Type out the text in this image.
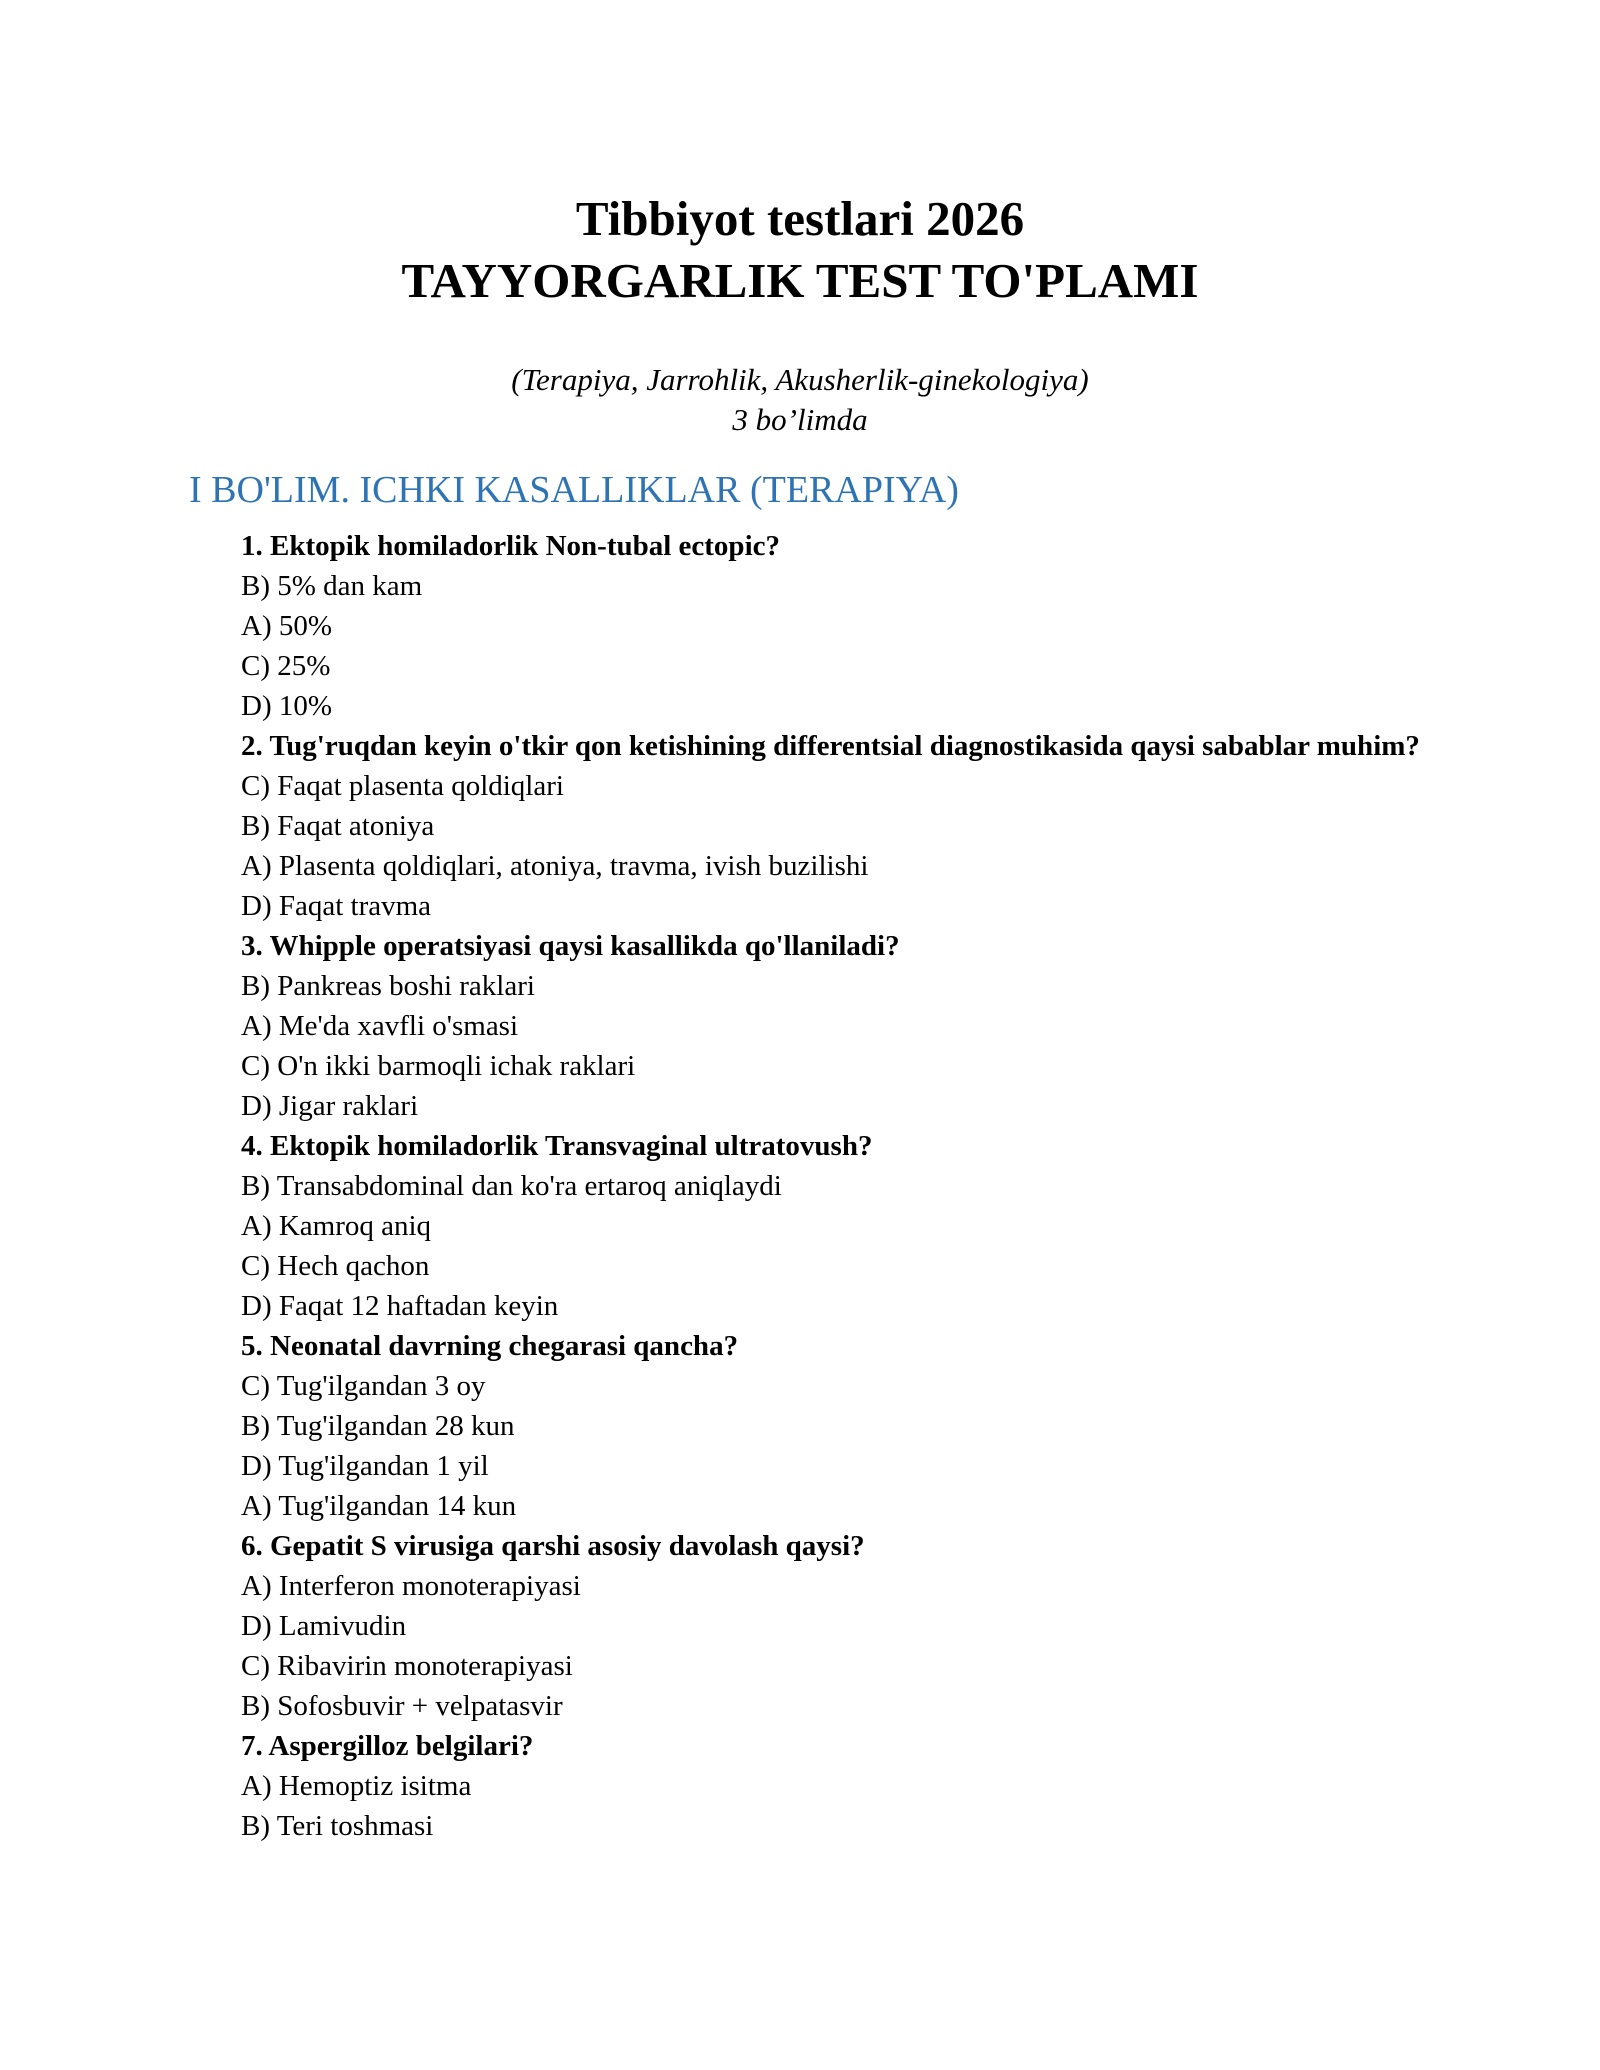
Tibbiyot testlari 2026
TAYYORGARLIK TEST TO'PLAMI
(Terapiya, Jarrohlik, Akusherlik-ginekologiya)
3 bo’limda
I BO'LIM. ICHKI KASALLIKLAR (TERAPIYA)
1. Ektopik homiladorlik Non-tubal ectopic?
B) 5% dan kam
A) 50%
C) 25%
D) 10%
2. Tug'ruqdan keyin o'tkir qon ketishining differentsial diagnostikasida qaysi sabablar muhim?
C) Faqat plasenta qoldiqlari
B) Faqat atoniya
A) Plasenta qoldiqlari, atoniya, travma, ivish buzilishi
D) Faqat travma
3. Whipple operatsiyasi qaysi kasallikda qo'llaniladi?
B) Pankreas boshi raklari
A) Me'da xavfli o'smasi
C) O'n ikki barmoqli ichak raklari
D) Jigar raklari
4. Ektopik homiladorlik Transvaginal ultratovush?
B) Transabdominal dan ko'ra ertaroq aniqlaydi
A) Kamroq aniq
C) Hech qachon
D) Faqat 12 haftadan keyin
5. Neonatal davrning chegarasi qancha?
C) Tug'ilgandan 3 oy
B) Tug'ilgandan 28 kun
D) Tug'ilgandan 1 yil
A) Tug'ilgandan 14 kun
6. Gepatit S virusiga qarshi asosiy davolash qaysi?
A) Interferon monoterapiyasi
D) Lamivudin
C) Ribavirin monoterapiyasi
B) Sofosbuvir + velpatasvir
7. Aspergilloz belgilari?
A) Hemoptiz isitma
B) Teri toshmasi
